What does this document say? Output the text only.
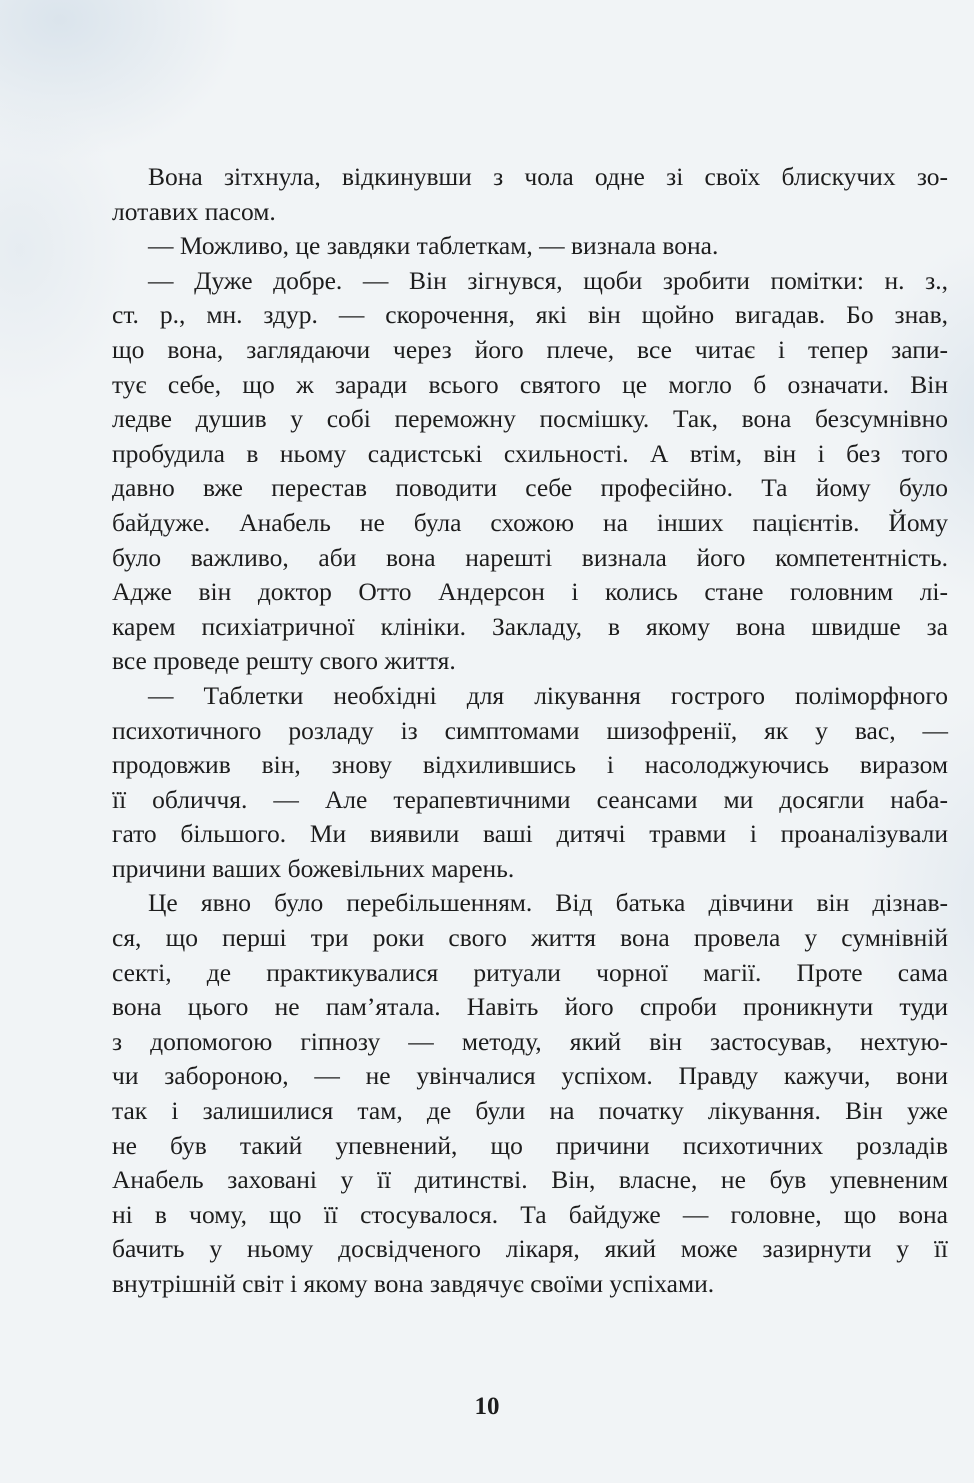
Вона зітхнула, відкинувши з чола одне зі своїх блискучих зо-
лотавих пасом.
— Можливо, це завдяки таблеткам, — визнала вона.
— Дуже добре. — Він зігнувся, щоби зробити помітки: н. з.,
ст. р., мн. здур. — скорочення, які він щойно вигадав. Бо знав,
що вона, заглядаючи через його плече, все читає і тепер запи-
тує себе, що ж заради всього святого це могло б означати. Він
ледве душив у собі переможну посмішку. Так, вона безсумнівно
пробудила в ньому садистські схильності. А втім, він і без того
давно вже перестав поводити себе професійно. Та йому було
байдуже. Анабель не була схожою на інших пацієнтів. Йому
було важливо, аби вона нарешті визнала його компетентність.
Адже він доктор Отто Андерсон і колись стане головним лі-
карем психіатричної клініки. Закладу, в якому вона швидше за
все проведе решту свого життя.
— Таблетки необхідні для лікування гострого поліморфного
психотичного розладу із симптомами шизофренії, як у вас, —
продовжив він, знову відхилившись і насолоджуючись виразом
її обличчя. — Але терапевтичними сеансами ми досягли наба-
гато більшого. Ми виявили ваші дитячі травми і проаналізували
причини ваших божевільних марень.
Це явно було перебільшенням. Від батька дівчини він дізнав-
ся, що перші три роки свого життя вона провела у сумнівній
секті, де практикувалися ритуали чорної магії. Проте сама
вона цього не пам’ятала. Навіть його спроби проникнути туди
з допомогою гіпнозу — методу, який він застосував, нехтую-
чи забороною, — не увінчалися успіхом. Правду кажучи, вони
так і залишилися там, де були на початку лікування. Він уже
не був такий упевнений, що причини психотичних розладів
Анабель заховані у її дитинстві. Він, власне, не був упевненим
ні в чому, що її стосувалося. Та байдуже — головне, що вона
бачить у ньому досвідченого лікаря, який може зазирнути у її
внутрішній світ і якому вона завдячує своїми успіхами.
10
